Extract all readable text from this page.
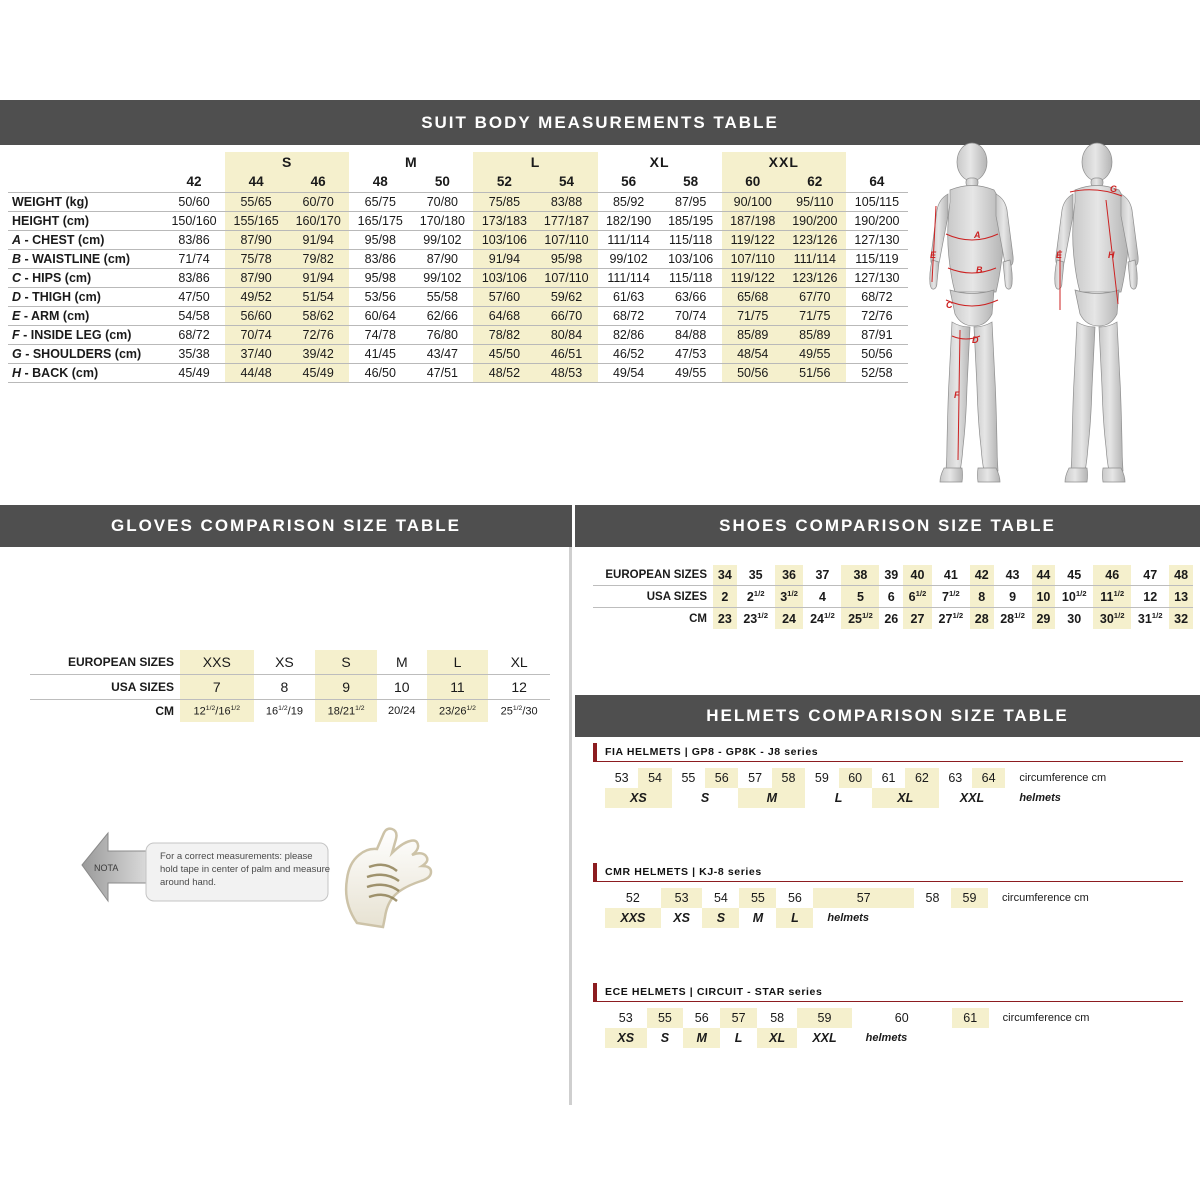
SUIT BODY MEASUREMENTS TABLE
		S		M		L		XL		XXL		
	42	44	46	48	50	52	54	56	58	60	62	64
WEIGHT (kg)	50/60	55/65	60/70	65/75	70/80	75/85	83/88	85/92	87/95	90/100	95/110	105/115
HEIGHT (cm)	150/160	155/165	160/170	165/175	170/180	173/183	177/187	182/190	185/195	187/198	190/200	190/200
A - CHEST (cm)	83/86	87/90	91/94	95/98	99/102	103/106	107/110	111/114	115/118	119/122	123/126	127/130
B - WAISTLINE (cm)	71/74	75/78	79/82	83/86	87/90	91/94	95/98	99/102	103/106	107/110	111/114	115/119
C - HIPS (cm)	83/86	87/90	91/94	95/98	99/102	103/106	107/110	111/114	115/118	119/122	123/126	127/130
D - THIGH (cm)	47/50	49/52	51/54	53/56	55/58	57/60	59/62	61/63	63/66	65/68	67/70	68/72
E - ARM (cm)	54/58	56/60	58/62	60/64	62/66	64/68	66/70	68/72	70/74	71/75	71/75	72/76
F - INSIDE LEG (cm)	68/72	70/74	72/76	74/78	76/80	78/82	80/84	82/86	84/88	85/89	85/89	87/91
G - SHOULDERS (cm)	35/38	37/40	39/42	41/45	43/47	45/50	46/51	46/52	47/53	48/54	49/55	50/56
H - BACK (cm)	45/49	44/48	45/49	46/50	47/51	48/52	48/53	49/54	49/55	50/56	51/56	52/58
A
B
C
D
E
F
G
E	H
GLOVES COMPARISON SIZE TABLE
EUROPEAN SIZES	XXS	XS	S	M	L	XL
USA SIZES	7	8	9	10	11	12
CM	$12^{1/2}/16^{1/2}$	$16^{1/2}/19$	$18/21^{1/2}$	20/24	$23/26^{1/2}$	$25^{1/2}/30$
NOTA
For a correct measurements: please hold tape in center of palm and measure around hand.
SHOES COMPARISON SIZE TABLE
EUROPEAN SIZES	34	35	36	37	38	39	40	41	42	43	44	45	46	47	48
USA SIZES	2	$2^{1/2}$	$3^{1/2}$	4	5	6	$6^{1/2}$	$7^{1/2}$	8	9	10	$10^{1/2}$	$11^{1/2}$	12	13
CM	23	$23^{1/2}$	24	$24^{1/2}$	$25^{1/2}$	26	27	$27^{1/2}$	28	$28^{1/2}$	29	30	$30^{1/2}$	$31^{1/2}$	32
HELMETS COMPARISON SIZE TABLE
FIA HELMETS | GP8 - GP8K - J8 series
53	54	55	56	57	58	59	60	61	62	63	64	circumference cm
XS		S		M		L		XL		XXL		helmets
CMR HELMETS | KJ-8 series
52	53	54	55	56	57	58	59	circumference cm
XXS	XS	S	M	L	helmets			
ECE HELMETS | CIRCUIT - STAR series
53	55	56	57	58	59	60	61	circumference cm
XS	S	M	L	XL	XXL	helmets		
